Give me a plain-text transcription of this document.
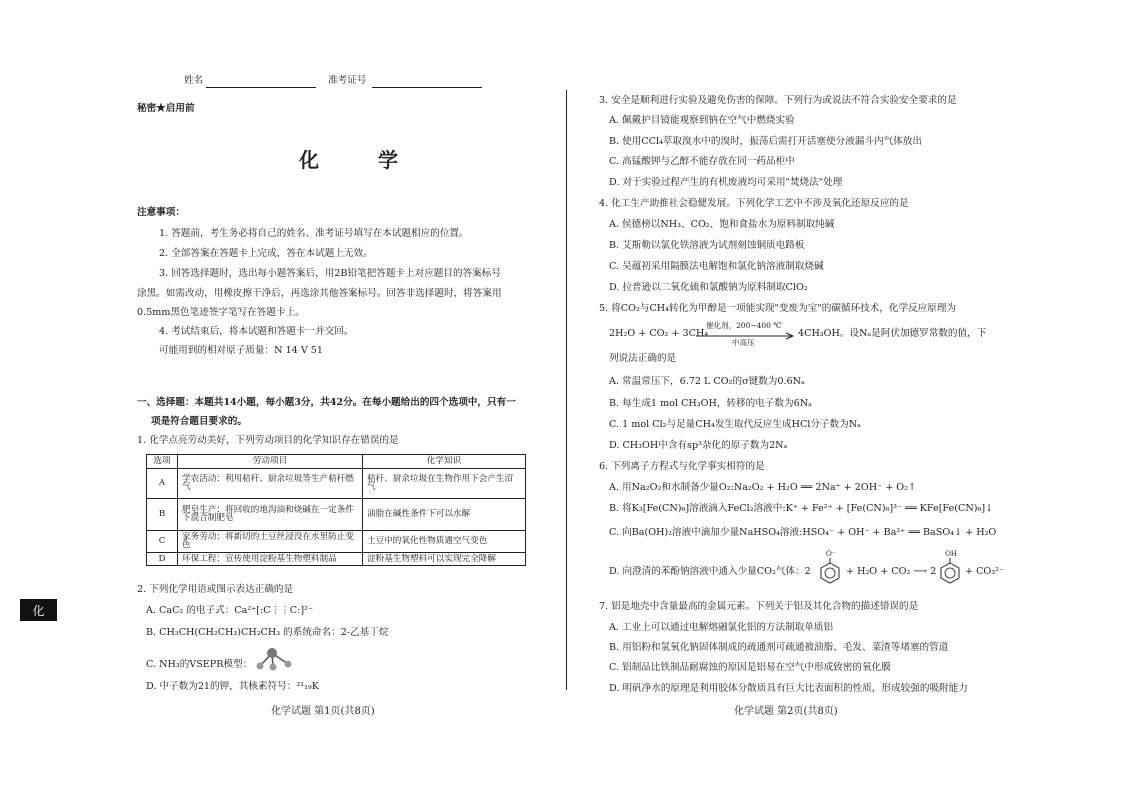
姓名	准考证号

秘密★启用前

化 学

注意事项：

1. 答题前，考生务必将自己的姓名、准考证号填写在本试题相应的位置。

2. 全部答案在答题卡上完成，答在本试题上无效。

3. 回答选择题时，选出每小题答案后，用2B铅笔把答题卡上对应题目的答案标号

涂黑。如需改动，用橡皮擦干净后，再选涂其他答案标号。回答非选择题时，将答案用

0.5mm黑色笔迹签字笔写在答题卡上。

4. 考试结束后，将本试题和答题卡一并交回。

可能用到的相对原子质量：N 14 V 51

一、选择题：本题共14小题，每小题3分，共42分。在每小题给出的四个选项中，只有一

项是符合题目要求的。

1. 化学点亮劳动美好，下列劳动项目的化学知识存在错误的是

选项	劳动项目	化学知识
A	学农活动：利用秸秆、厨余垃圾等生产秸秆燃气	秸秆、厨余垃圾在生物作用下会产生沼气
B	肥皂生产：将回收的地沟油和烧碱在一定条件下混合制肥皂	油脂在碱性条件下可以水解
C	家务劳动：将新切的土豆丝浸没在水里防止变色	土豆中的氧化性物质遇空气变色
D	环保工程：宣传使用淀粉基生物塑料制品	淀粉基生物塑料可以实现完全降解

2. 下列化学用语或图示表达正确的是

A. CaC₂ 的电子式：Ca²⁺[:C⋮⋮C:]²⁻

B. CH₃CH(CH₂CH₃)CH₂CH₃ 的系统命名：2-乙基丁烷

C. NH₃的VSEPR模型：

D. 中子数为21的钾，其核素符号：²¹₁₉K

化学试题 第1页(共8页)

化

3. 安全是顺利进行实验及避免伤害的保障。下列行为或说法不符合实验安全要求的是

A. 佩戴护目镜能观察到钠在空气中燃烧实验

B. 使用CCl₄萃取溴水中的溴时，振荡后需打开活塞使分液漏斗内气体放出

C. 高锰酸钾与乙醇不能存放在同一药品柜中

D. 对于实验过程产生的有机废液均可采用"焚烧法"处理

4. 化工生产助推社会稳健发展。下列化学工艺中不涉及氧化还原反应的是

A. 侯德榜以NH₃、CO₂、饱和食盐水为原料制取纯碱

B. 艾斯勒以氯化铁溶液为试剂刻蚀铜质电路板

C. 吴蕴初采用隔膜法电解饱和氯化钠溶液制取烧碱

D. 拉普逊以二氧化硫和氯酸钠为原料制取ClO₂

5. 将CO₂与CH₄转化为甲醇是一项能实现"变废为宝"的碳循环技术，化学反应原理为

2H₂O + CO₂ + 3CH₄

催化剂，200~400 ℃

中高压

4CH₃OH。设Nₐ是阿伏加德罗常数的值，下

列说法正确的是

A. 常温常压下，6.72 L CO₂的σ键数为0.6Nₐ

B. 每生成1 mol CH₃OH，转移的电子数为6Nₐ

C. 1 mol Cl₂与足量CH₄发生取代反应生成HCl分子数为Nₐ

D. CH₃OH中含有sp³杂化的原子数为2Nₐ

6. 下列离子方程式与化学事实相符的是

A. 用Na₂O₂和水制备少量O₂:Na₂O₂ + H₂O ══ 2Na⁺ + 2OH⁻ + O₂↑

B. 将K₃[Fe(CN)₆]溶液滴入FeCl₂溶液中:K⁺ + Fe²⁺ + [Fe(CN)₆]³⁻ ══ KFe[Fe(CN)₆]↓

C. 向Ba(OH)₂溶液中滴加少量NaHSO₄溶液:HSO₄⁻ + OH⁻ + Ba²⁺ ══ BaSO₄↓ + H₂O

D. 向澄清的苯酚钠溶液中通入少量CO₂气体：2

O⁻

+ H₂O + CO₂ ⟶ 2

OH

+ CO₃²⁻

7. 铝是地壳中含量最高的金属元素。下列关于铝及其化合物的描述错误的是

A. 工业上可以通过电解熔融氯化铝的方法制取单质铝

B. 用铝粉和氢氧化钠固体制成的疏通剂可疏通被油脂、毛发、菜渣等堵塞的管道

C. 铝制品比铁制品耐腐蚀的原因是铝易在空气中形成致密的氧化膜

D. 明矾净水的原理是利用胶体分散质具有巨大比表面积的性质，形成较强的吸附能力

化学试题 第2页(共8页)
